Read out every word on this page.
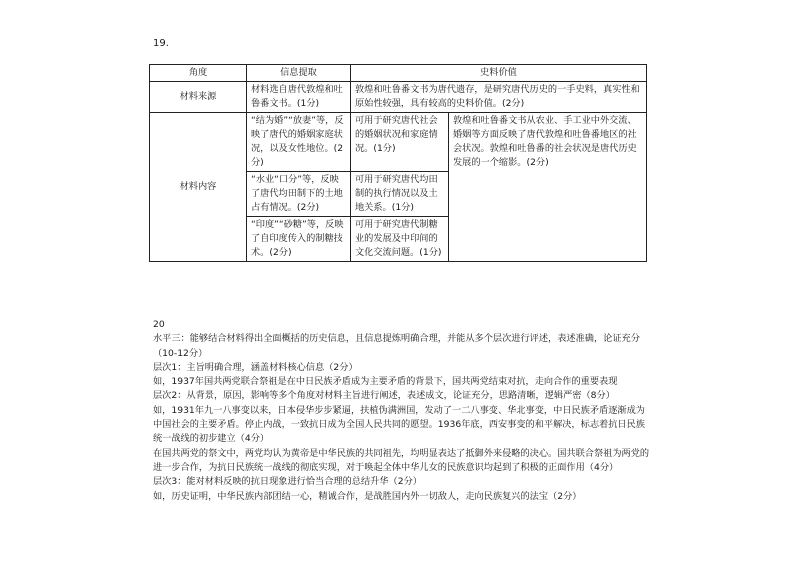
19.
角度	信息提取	史料价值	
材料来源	材料选自唐代敦煌和吐鲁番文书。(1分)	敦煌和吐鲁番文书为唐代遗存，是研究唐代历史的一手史料，真实性和原始性较强，具有较高的史料价值。(2分)	
材料内容	“结为婚”“放妻”等，反映了唐代的婚姻家庭状况，以及女性地位。(2分)	可用于研究唐代社会的婚姻状况和家庭情况。(1分)	敦煌和吐鲁番文书从农业、手工业中外交流、婚姻等方面反映了唐代敦煌和吐鲁番地区的社会状况。敦煌和吐鲁番的社会状况是唐代历史发展的一个缩影。(2分)
	“水业“口分”等，反映 了唐代均田制下的土地占有情况。(2分)	可用于研究唐代均田制的执行情况以及土地关系。(1分)	
	“印度”“砂糖”等，反映了自印度传入的制糖技术。(2分)	可用于研究唐代制糖业的发展及中印间的文化交流问题。(1分)	

20

水平三：能够结合材料得出全面概括的历史信息，且信息提炼明确合理，并能从多个层次进行评述，表述准确，论证充分（10-12分）

层次1：主旨明确合理，涵盖材料核心信息（2分）

如，1937年国共两党联合祭祖是在中日民族矛盾成为主要矛盾的背景下，国共两党结束对抗，走向合作的重要表现

层次2：从背景，原因，影响等多个角度对材料主旨进行阐述，表述成文，论证充分，思路清晰，逻辑严密（8分）

如，1931年九一八事变以来，日本侵华步步紧逼，扶植伪满洲国，发动了一二八事变、华北事变，中日民族矛盾逐渐成为中国社会的主要矛盾。停止内战，一致抗日成为全国人民共同的愿望。1936年底，西安事变的和平解决，标志着抗日民族统一战线的初步建立（4分）

在国共两党的祭文中，两党均认为黄帝是中华民族的共同祖先，均明显表达了抵御外来侵略的决心。国共联合祭祖为两党的进一步合作，为抗日民族统一战线的彻底实现，对于唤起全体中华儿女的民族意识均起到了积极的正面作用（4分）

层次3：能对材料反映的抗日现象进行恰当合理的总结升华（2分）

如，历史证明，中华民族内部团结一心，精诚合作，是战胜国内外一切敌人，走向民族复兴的法宝（2分）
